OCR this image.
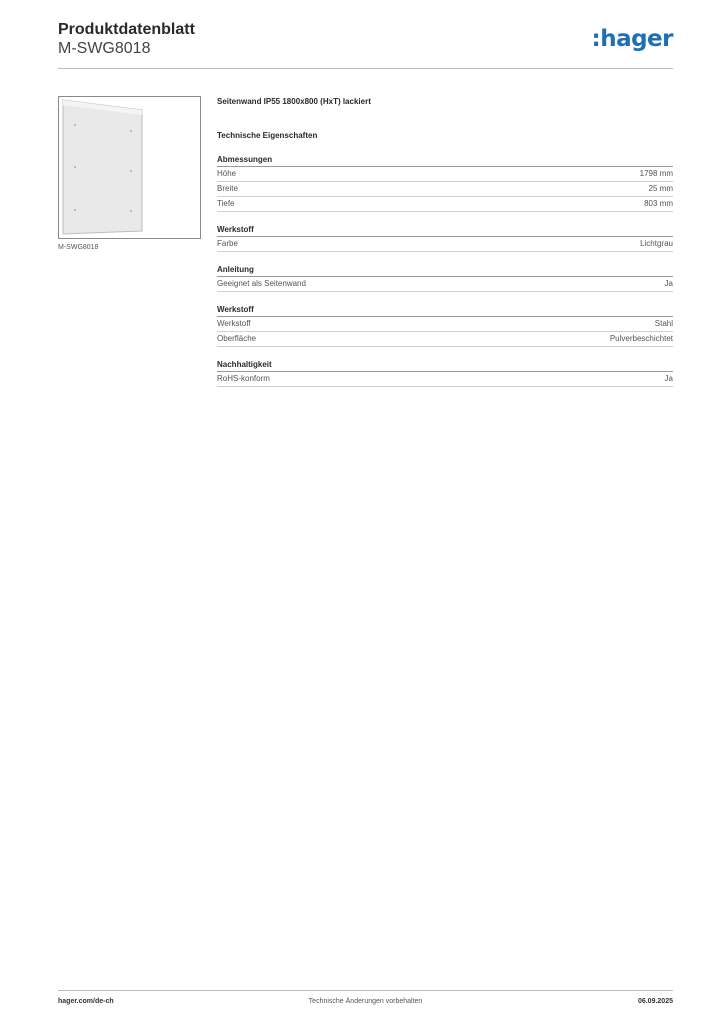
Produktdatenblatt
M-SWG8018	:hager
M-SWG8018
Seitenwand IP55 1800x800 (HxT) lackiert
Technische Eigenschaften
Abmessungen
Höhe	1798 mm
Breite	25 mm
Tiefe	803 mm
Werkstoff
Farbe	Lichtgrau
Anleitung
Geeignet als Seitenwand	Ja
Werkstoff
Werkstoff	Stahl
Oberfläche	Pulverbeschichtet
Nachhaltigkeit
RoHS-konform	Ja
hager.com/de-ch	Technische Änderungen vorbehalten	06.09.2025
